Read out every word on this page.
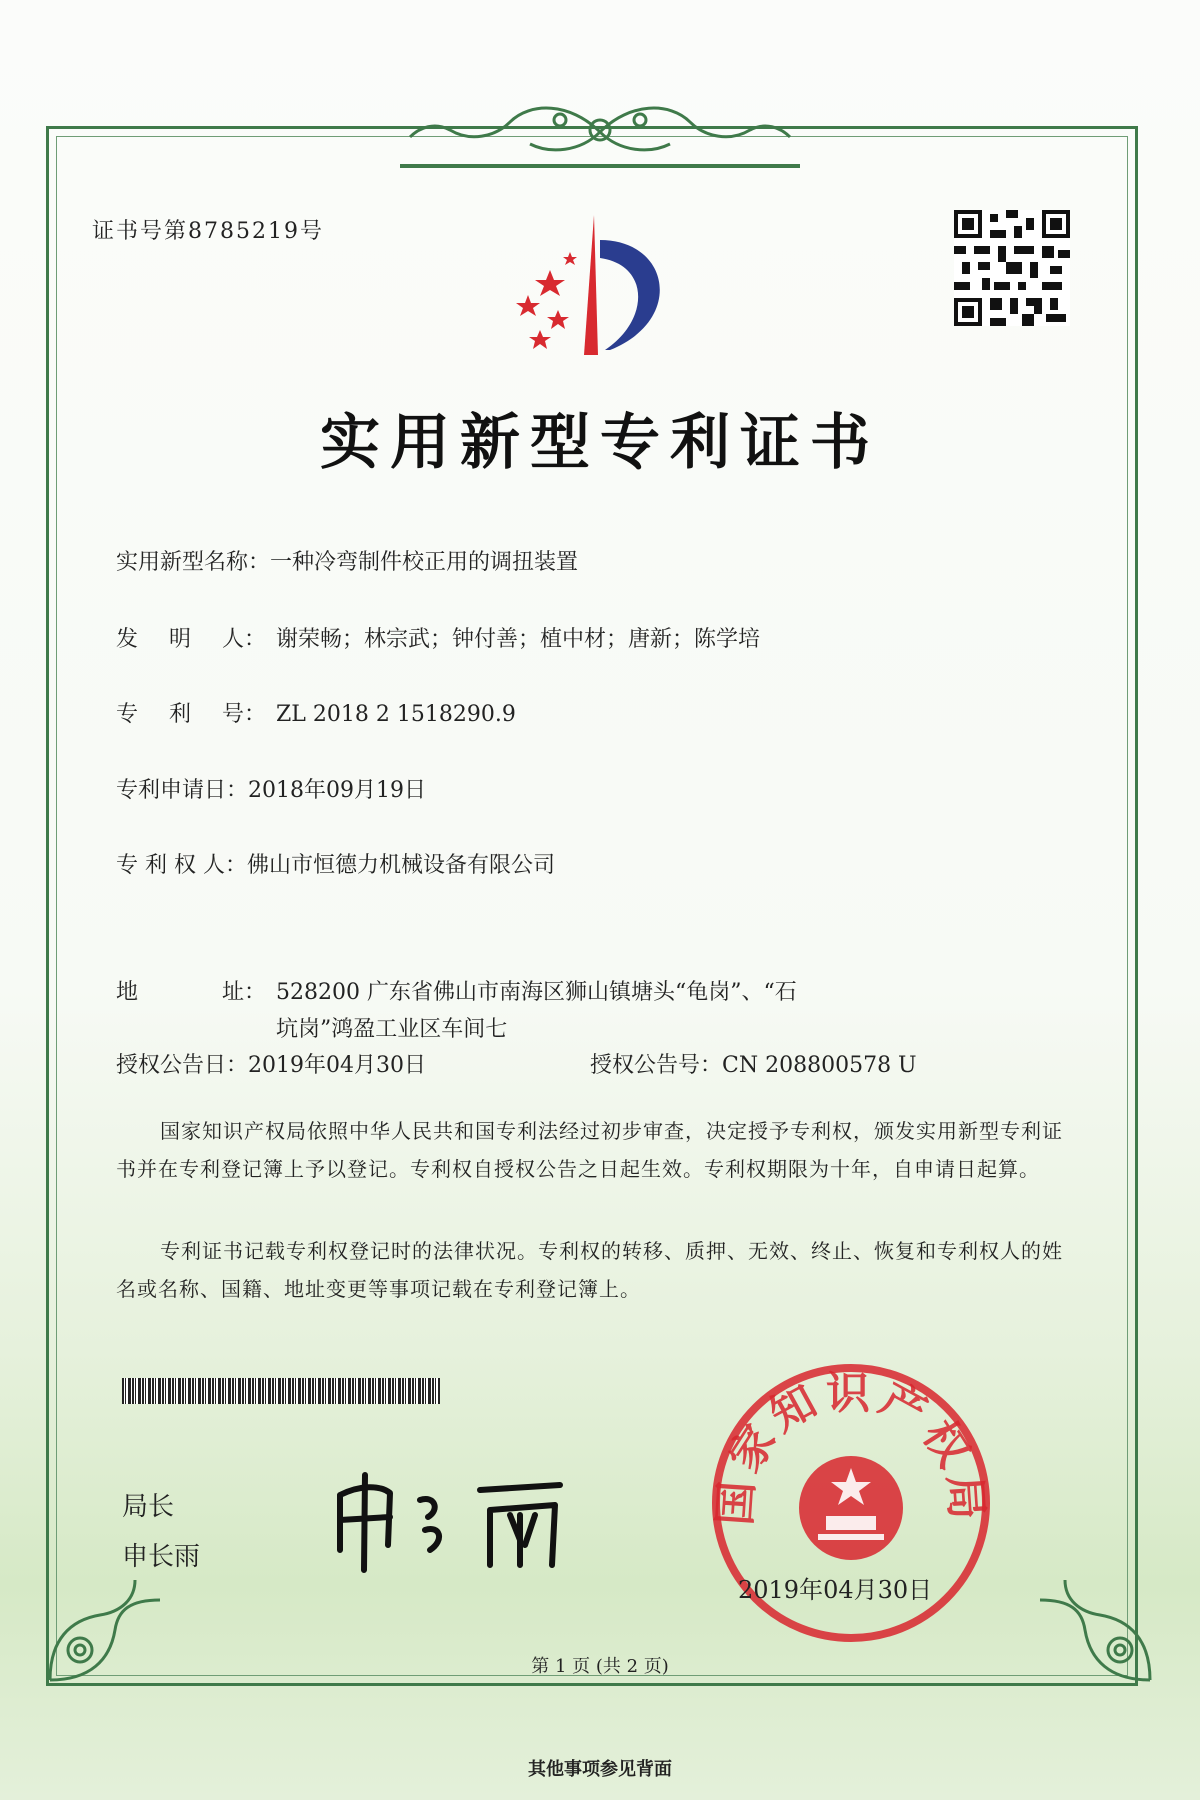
证书号第8785219号
实用新型专利证书
实用新型名称：一种冷弯制件校正用的调扭装置
发 明 人： 谢荣畅；林宗武；钟付善；植中材；唐新；陈学培
专 利 号： ZL 2018 2 1518290.9
专利申请日：2018年09月19日
专 利 权 人：佛山市恒德力机械设备有限公司
地	址： 528200 广东省佛山市南海区狮山镇塘头“龟岗”、“石
坑岗”鸿盈工业区车间七
授权公告日：2019年04月30日	授权公告号：CN 208800578 U
国家知识产权局依照中华人民共和国专利法经过初步审查，决定授予专利权，颁发实用新型专利证书并在专利登记簿上予以登记。专利权自授权公告之日起生效。专利权期限为十年，自申请日起算。
专利证书记载专利权登记时的法律状况。专利权的转移、质押、无效、终止、恢复和专利权人的姓名或名称、国籍、地址变更等事项记载在专利登记簿上。
局长
申长雨
国家知识产权局
2019年04月30日
第 1 页 (共 2 页)
其他事项参见背面
